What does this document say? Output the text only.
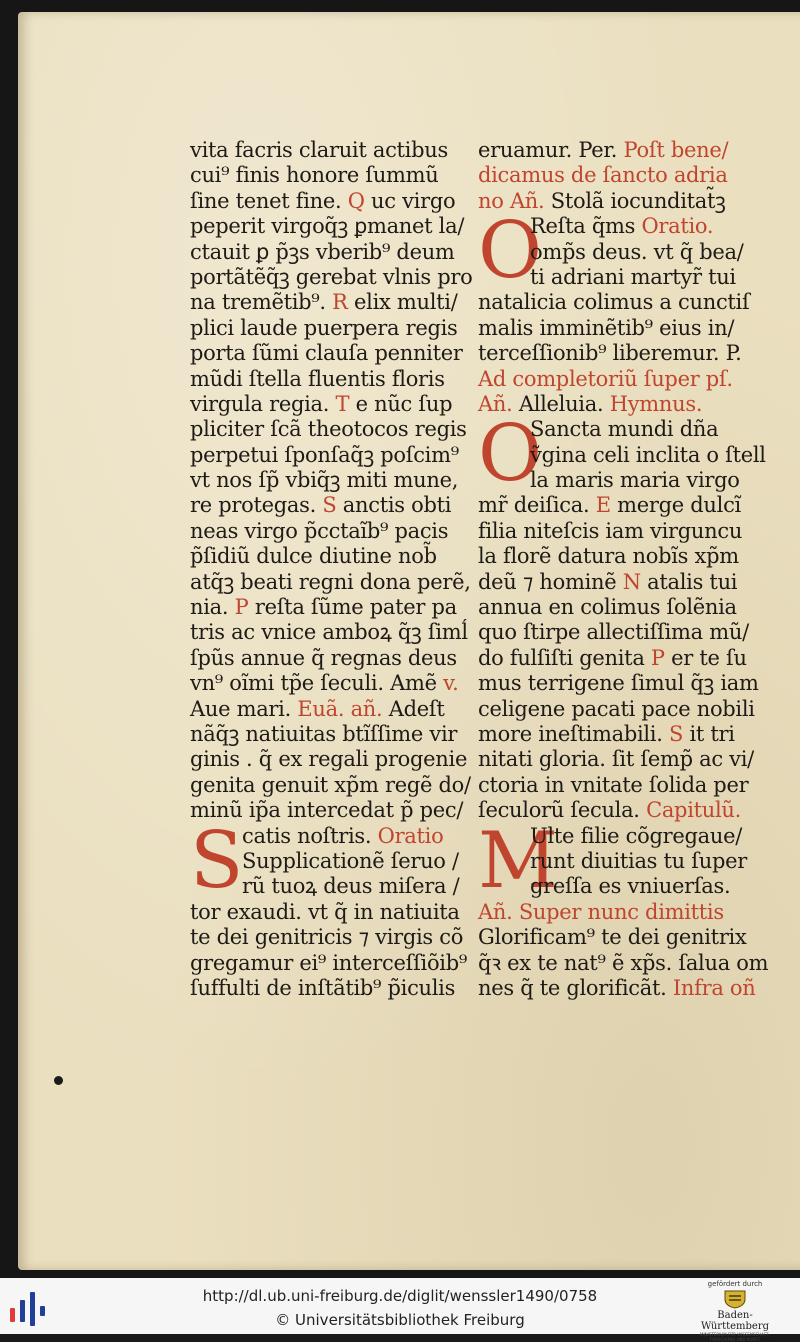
vita facris claruit actibus
cui⁹ finis honore ſummũ
ſine tenet fine. Q uc virgo
peperit virgoq̃ꝫ ꝑmanet la/
ctauit ꝑ p̃ꝫs vberib⁹ deum
portãtẽq̃ꝫ gerebat vlnis pro
na tremẽtib⁹. R elix multi/
plici laude puerpera regis
porta ſũmi clauſa penniter
mũdi ſtella fluentis floris
virgula regia. T e nũc ſup
pliciter ſcã theotocos regis
perpetui ſponſaq̃ꝫ poſcim⁹
vt nos ſp̃ vbiq̃ꝫ miti mune,
re protegas. S anctis obti
neas virgo p̃cctaĩb⁹ pacis
p̃ſidiũ dulce diutine nob̃
atq̃ꝫ beati regni dona perẽ,
nia. P reſta ſũme pater pa
tris ac vnice amboꝝ q̃ꝫ ſimĺ
ſpũs annue q̃ regnas deus
vn⁹ oĩmi tp̃e ſeculi. Amẽ v.
Aue mari. Euã. añ. Adeſt
nãq̃ꝫ natiuitas btĩſſime vir
ginis . q̃ ex regali progenie
genita genuit xp̃m regẽ do/
minũ ip̃a intercedat p̃ pec/
S
catis noſtris. Oratio
Supplicationẽ ſeruo /
rũ tuoꝝ deus miſera /
tor exaudi. vt q̃ in natiuita
te dei genitricis ⁊ virgis cõ
gregamur ei⁹ interceſſiõib⁹
ſuffulti de inſtãtib⁹ p̃iculis
eruamur. Per. Poſt bene/
dicamus de ſancto adria
no Añ. Stolã iocunditat̃ꝫ
O
Reſta q̃ms Oratio.
omp̃s deus. vt q̃ bea/
ti adriani martyr̃ tui
natalicia colimus a cunctiſ
malis imminẽtib⁹ eius in/
terceſſionib⁹ liberemur. P.
Ad completoriũ ſuper pſ.
Añ. Alleluia. Hymnus.
O
Sancta mundi dña
ṽgina celi inclita o ſtell
la maris maria virgo
mr̃ deiſica. E merge dulcĩ
filia niteſcis iam virguncu
la florẽ datura nobĩs xp̃m
deũ ⁊ hominẽ N atalis tui
annua en colimus ſolẽnia
quo ſtirpe allectiſſima mũ/
do fulſiſti genita P er te ſu
mus terrigene ſimul q̃ꝫ iam
celigene pacati pace nobili
more ineſtimabili. S it tri
nitati gloria. ſit ſemp̃ ac vi/
ctoria in vnitate ſolida per
ſeculorũ ſecula. Capitulũ.
M
Ulte filie cõgregaue/
runt diuitias tu ſuper
greſſa es vniuerſas.
Añ. Super nunc dimittis
Glorificam⁹ te dei genitrix
q̃ꝛ ex te nat⁹ ẽ xp̃s. ſalua om
nes q̃ te glorificãt. Infra oñ
http://dl.ub.uni-freiburg.de/diglit/wenssler1490/0758
© Universitätsbibliothek Freiburg
gefördert durch
Baden-Württemberg
MINISTERIUM FÜR WISSENSCHAFT, FORSCHUNG UND KUNST
